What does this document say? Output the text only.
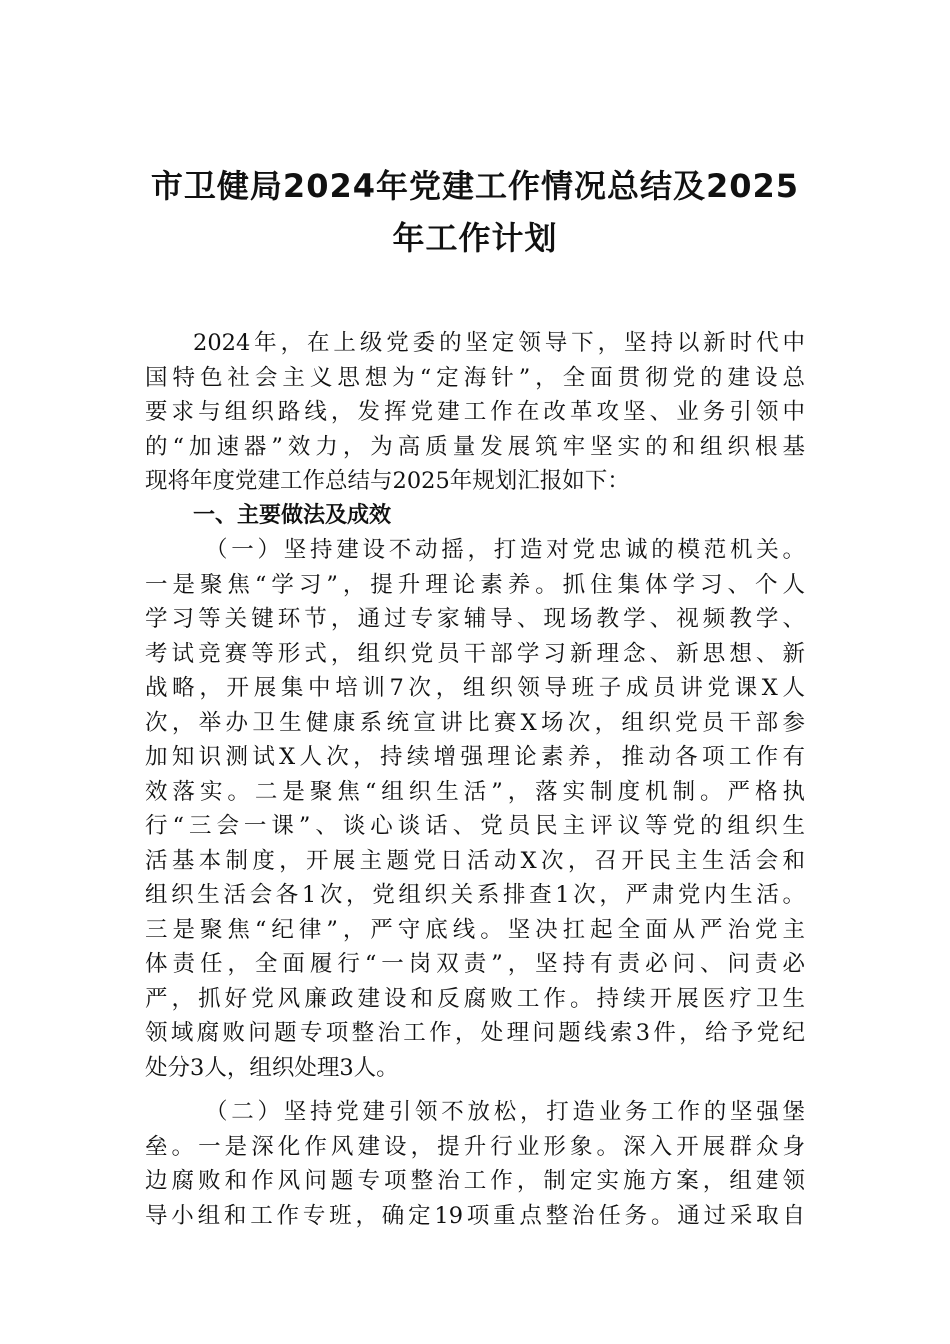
市卫健局2024年党建工作情况总结及2025
年工作计划
2024年，在上级党委的坚定领导下，坚持以新时代中
国特色社会主义思想为“定海针”，全面贯彻党的建设总
要求与组织路线，发挥党建工作在改革攻坚、业务引领中
的“加速器”效力，为高质量发展筑牢坚实的和组织根基
现将年度党建工作总结与2025年规划汇报如下：
一、主要做法及成效
（一）坚持建设不动摇，打造对党忠诚的模范机关。
一是聚焦“学习”，提升理论素养。抓住集体学习、个人
学习等关键环节，通过专家辅导、现场教学、视频教学、
考试竞赛等形式，组织党员干部学习新理念、新思想、新
战略，开展集中培训7次，组织领导班子成员讲党课X人
次，举办卫生健康系统宣讲比赛X场次，组织党员干部参
加知识测试X人次，持续增强理论素养，推动各项工作有
效落实。二是聚焦“组织生活”，落实制度机制。严格执
行“三会一课”、谈心谈话、党员民主评议等党的组织生
活基本制度，开展主题党日活动X次，召开民主生活会和
组织生活会各1次，党组织关系排查1次，严肃党内生活。
三是聚焦“纪律”，严守底线。坚决扛起全面从严治党主
体责任，全面履行“一岗双责”，坚持有责必问、问责必
严，抓好党风廉政建设和反腐败工作。持续开展医疗卫生
领域腐败问题专项整治工作，处理问题线索3件，给予党纪
处分3人，组织处理3人。
（二）坚持党建引领不放松，打造业务工作的坚强堡
垒。一是深化作风建设，提升行业形象。深入开展群众身
边腐败和作风问题专项整治工作，制定实施方案，组建领
导小组和工作专班，确定19项重点整治任务。通过采取自
